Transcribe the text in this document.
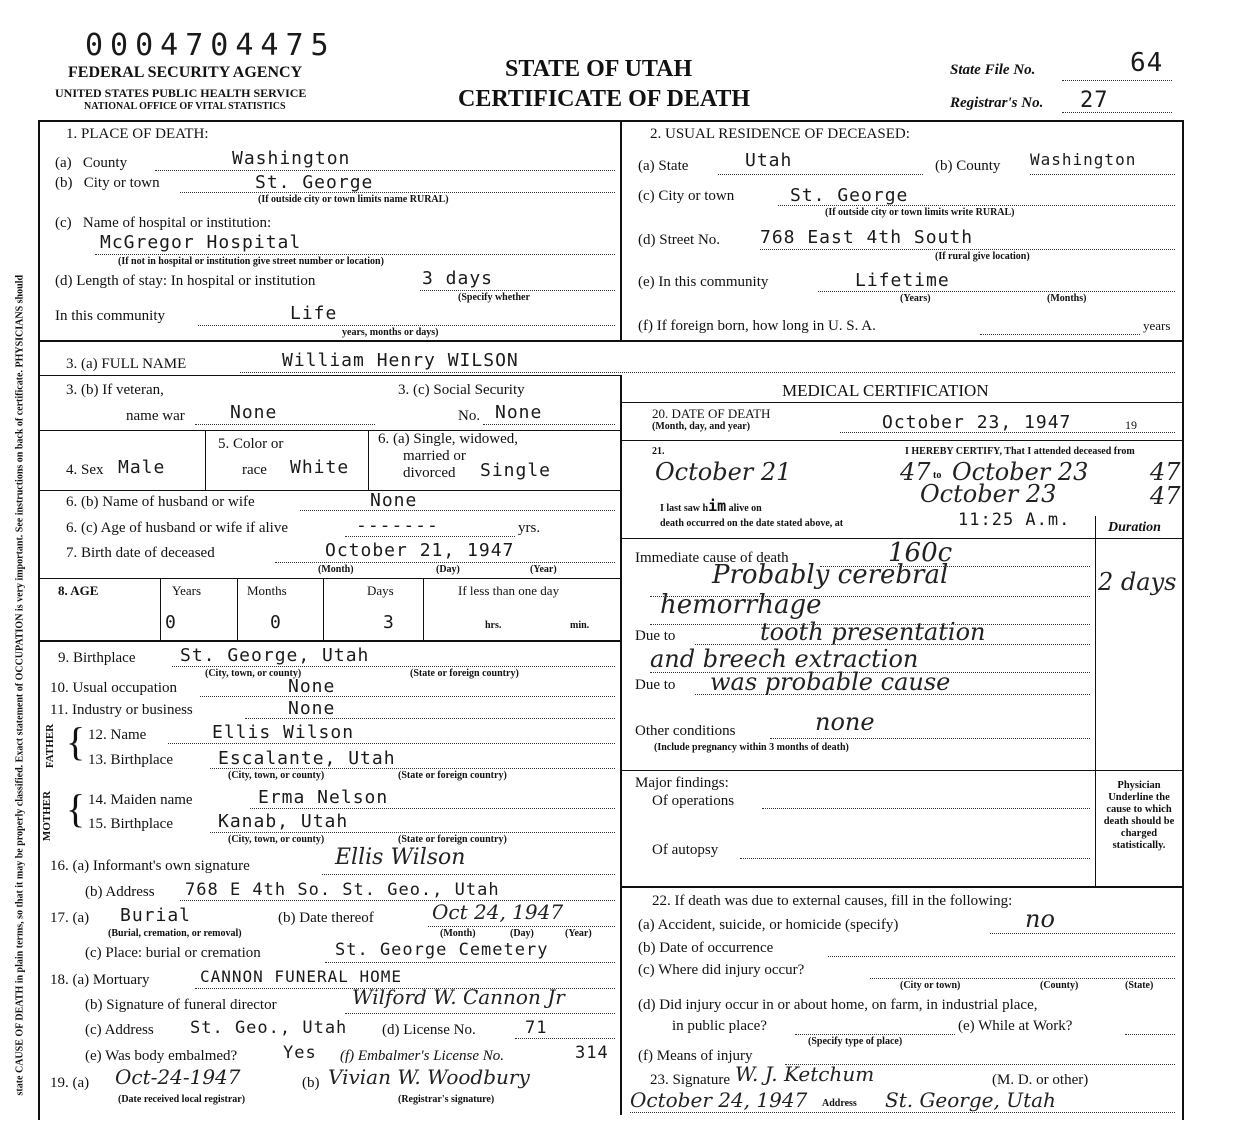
state CAUSE OF DEATH in plain terms, so that it may be properly classified. Exact statement of OCCUPATION is very important. See instructions on back of certificate. PHYSICIANS should
0004704475
FEDERAL SECURITY AGENCY
UNITED STATES PUBLIC HEALTH SERVICE
NATIONAL OFFICE OF VITAL STATISTICS
STATE OF UTAH
CERTIFICATE OF DEATH
State File No.	64
Registrar's No. 27
1. PLACE OF DEATH:
(a)   County	Washington
(b)   City or town	St. George
(If outside city or town limits name RURAL)
(c)   Name of hospital or institution:
McGregor Hospital
(If not in hospital or institution give street number or location)
(d) Length of stay: In hospital or institution	3 days
(Specify whether
In this community	Life
years, months or days)
2. USUAL RESIDENCE OF DECEASED:
(a) State	Utah	(b) County Washington
(c) City or town	St. George
(If outside city or town limits write RURAL)
(d) Street No. 768 East 4th South
(If rural give location)
(e) In this community	Lifetime
(Years)	(Months)
(f) If foreign born, how long in U. S. A.	years
3. (a) FULL NAME	William Henry WILSON
3. (b) If veteran,
name war	None
3. (c) Social Security
No. None
4. Sex Male
5. Color or
race White
6. (a) Single, widowed,
married or
divorced Single
6. (b) Name of husband or wife	None
6. (c) Age of husband or wife if alive	-------	yrs.
7. Birth date of deceased	October 21, 1947
(Month)	(Day)	(Year)
8. AGE	Years	Months	Days	If less than one day
0	0	3	hrs.	min.
9. Birthplace St. George, Utah
(City, town, or county)	(State or foreign country)
10. Usual occupation	None
11. Industry or business	None
FATHER { 12. Name	Ellis Wilson
13. Birthplace	Escalante, Utah
(City, town, or county)	(State or foreign country)
MOTHER { 14. Maiden name	Erma Nelson
15. Birthplace	Kanab, Utah
(City, town, or county)	(State or foreign country)
16. (a) Informant's own signature	Ellis Wilson
(b) Address 768 E 4th So. St. Geo., Utah
17. (a) Burial
(Burial, cremation, or removal)
(b) Date thereof	Oct 24, 1947
(Month)	(Day)	(Year)
(c) Place: burial or cremation	St. George Cemetery
18. (a) Mortuary	CANNON FUNERAL HOME
(b) Signature of funeral director	Wilford W. Cannon Jr
(c) Address St. Geo., Utah (d) License No.	71
(e) Was body embalmed?	Yes (f) Embalmer's License No.	314
19. (a) Oct-24-1947
(Date received local registrar)
(b) Vivian W. Woodbury
(Registrar's signature)
MEDICAL CERTIFICATION
20. DATE OF DEATH
(Month, day, and year)	October 23, 1947	19
21.	I HEREBY CERTIFY, That I attended deceased from
October 21	47 to October 23	47
I last saw him alive on
October 23	47
death occurred on the date stated above, at	11:25 A.m.	Duration
Immediate cause of death	160c
Probably cerebral	2 days
hemorrhage
Due to	tooth presentation
and breech extraction
Due to was probable cause
Other conditions	none
(Include pregnancy within 3 months of death)
Major findings:
Of operations
Of autopsy
Physician Underline the cause to which death should be charged statistically.
22. If death was due to external causes, fill in the following:
(a) Accident, suicide, or homicide (specify)	no
(b) Date of occurrence
(c) Where did injury occur?
(City or town)	(County)	(State)
(d) Did injury occur in or about home, on farm, in industrial place,
in public place?
(Specify type of place)
(e) While at Work?
(f) Means of injury
23. Signature W. J. Ketchum	(M. D. or other)
October 24, 1947 Address St. George, Utah
